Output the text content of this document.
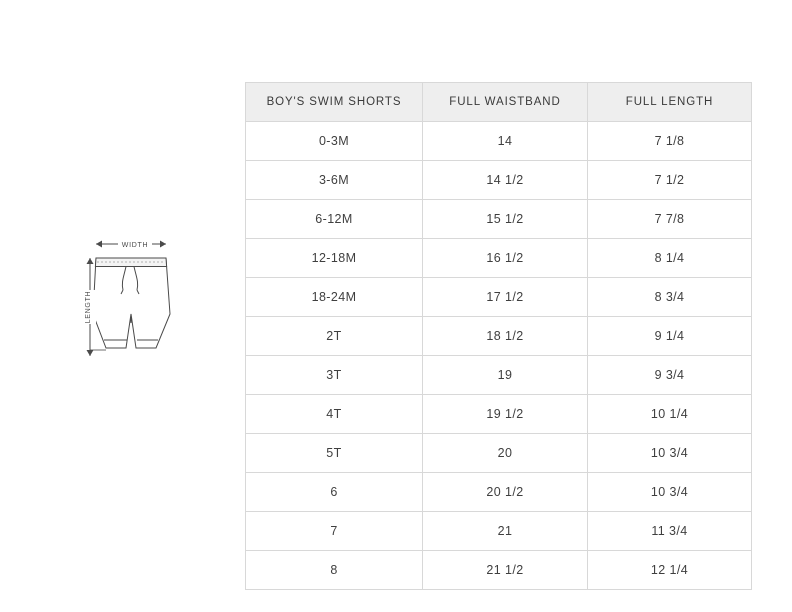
WIDTH
LENGTH
BOY'S SWIM SHORTS	FULL WAISTBAND	FULL LENGTH
0-3M	14	7 1/8
3-6M	14 1/2	7 1/2
6-12M	15 1/2	7 7/8
12-18M	16 1/2	8 1/4
18-24M	17 1/2	8 3/4
2T	18 1/2	9 1/4
3T	19	9 3/4
4T	19 1/2	10 1/4
5T	20	10 3/4
6	20 1/2	10 3/4
7	21	11 3/4
8	21 1/2	12 1/4
